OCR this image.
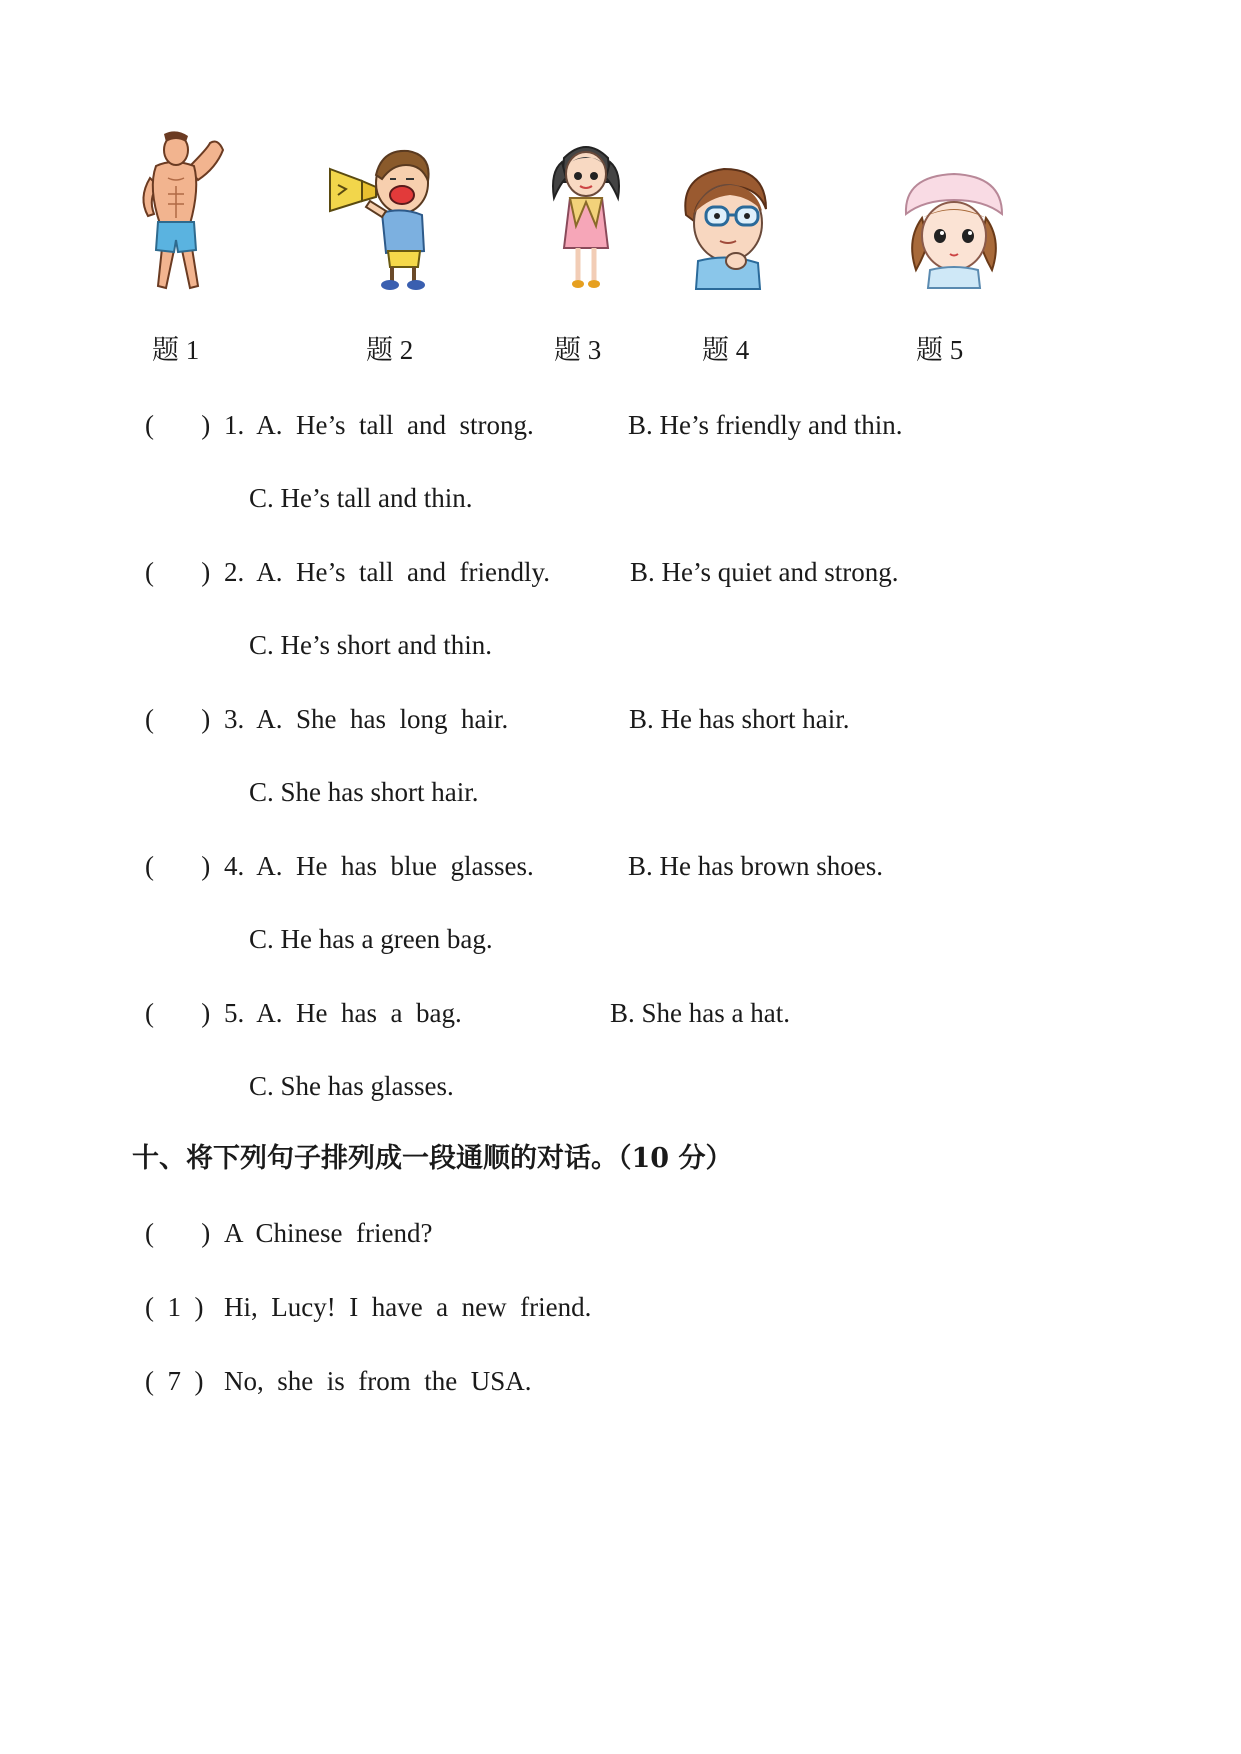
题 1	题 2	题 3	题 4	题 5
(       ) 1.  A.  He’s  tall  and  strong.	B. He’s friendly and thin.
C. He’s tall and thin.
(       ) 2.  A.  He’s  tall  and  friendly.	B. He’s quiet and strong.
C. He’s short and thin.
(       ) 3.  A.  She  has  long  hair.	B. He has short hair.
C. She has short hair.
(       ) 4.  A.  He  has  blue  glasses.	B. He has brown shoes.
C. He has a green bag.
(       ) 5.  A.  He  has  a  bag.	B. She has a hat.
C. She has glasses.
十、将下列句子排列成一段通顺的对话。（10 分）
(       ) A  Chinese  friend?
(  1  ) Hi,  Lucy!  I  have  a  new  friend.
(  7  ) No,  she  is  from  the  USA.
